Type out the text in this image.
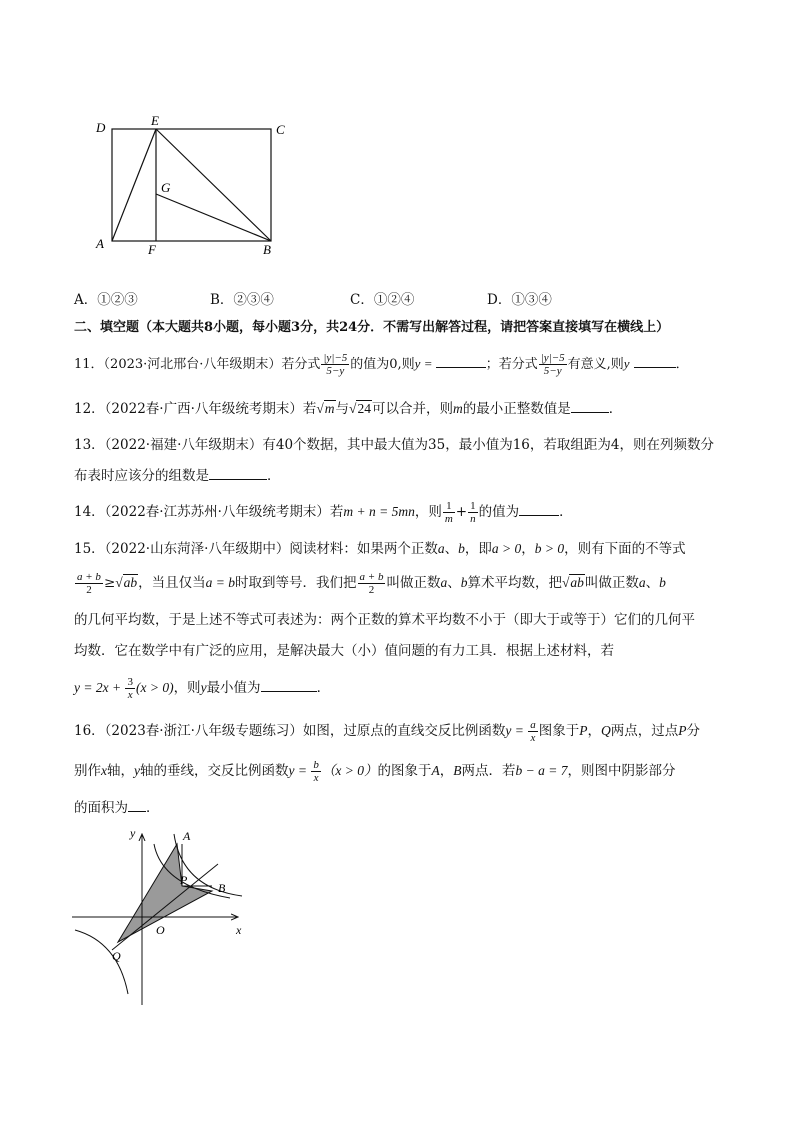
D	E
C
G
A	F	B
A．①②③	B．②③④	C．①②④	D．①③④
二、填空题（本大题共8小题，每小题3分，共24分．不需写出解答过程，请把答案直接填写在横线上）
11．（2023·河北邢台·八年级期末）若分式 $\frac{|y|-5}{5-y}$ 的值为0,则y =	；若分式 $\frac{|y|-5}{5-y}$ 有意义,则y	．
12．（2022春·广西·八年级统考期末）若√m与√24可以合并，则m的最小正整数值是	．
13．（2022·福建·八年级期末）有40个数据，其中最大值为35，最小值为16，若取组距为4，则在列频数分
布表时应该分的组数是	．
14．（2022春·江苏苏州·八年级统考期末）若m + n = 5mn，则 $\frac{1}{m} + \frac{1}{n}$ 的值为	．
15．（2022·山东菏泽·八年级期中）阅读材料：如果两个正数a、b，即a > 0，b > 0，则有下面的不等式
$\frac{a + b}{2} \ge√ab$，当且仅当a = b时取到等号．我们把 $\frac{a + b}{2}$ 叫做正数a、b算术平均数，把√ab叫做正数a、b
的几何平均数，于是上述不等式可表述为：两个正数的算术平均数不小于（即大于或等于）它们的几何平
均数．它在数学中有广泛的应用，是解决最大（小）值问题的有力工具．根据上述材料，若
$y = 2x + \frac{3}{x} (x > 0)$，则y最小值为	．
16．（2023春·浙江·八年级专题练习）如图，过原点的直线交反比例函数$y = \frac{a}{x}$ 图象于P，Q两点，过点P分
别作x轴，y轴的垂线，交反比例函数$y = \frac{b}{x} (x > 0)$的图象于A，B两点．若b − a = 7，则图中阴影部分
的面积为 ．
y
x
O
A
B
P
Q
